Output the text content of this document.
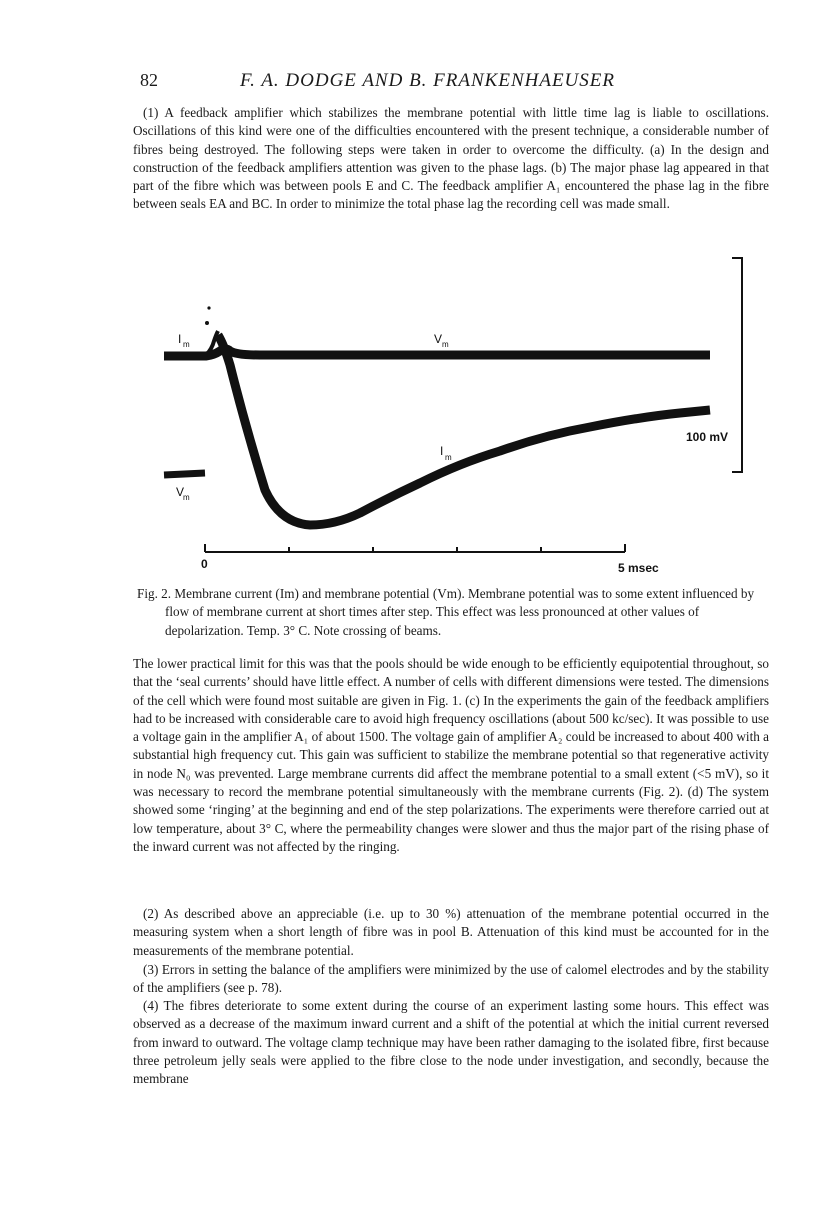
82	F. A. DODGE AND B. FRANKENHAEUSER

(1) A feedback amplifier which stabilizes the membrane potential with little time lag is liable to oscillations. Oscillations of this kind were one of the difficulties encountered with the present technique, a considerable number of fibres being destroyed. The following steps were taken in order to overcome the difficulty. (a) In the design and construction of the feedback amplifiers attention was given to the phase lags. (b) The major phase lag appeared in that part of the fibre which was between pools E and C. The feedback amplifier A₁ encountered the phase lag in the fibre between seals EA and BC. In order to minimize the total phase lag the recording cell was made small.

I m	V m
I m
V
m
100 mV
0	5 msec
Fig. 2. Membrane current (Im) and membrane potential (Vm). Membrane potential was to some extent influenced by flow of membrane current at short times after step. This effect was less pronounced at other values of depolarization. Temp. 3° C. Note crossing of beams.

The lower practical limit for this was that the pools should be wide enough to be efficiently equipotential throughout, so that the ‘seal currents’ should have little effect. A number of cells with different dimensions were tested. The dimensions of the cell which were found most suitable are given in Fig. 1. (c) In the experiments the gain of the feedback amplifiers had to be increased with considerable care to avoid high frequency oscillations (about 500 kc/sec). It was possible to use a voltage gain in the amplifier A₁ of about 1500. The voltage gain of amplifier A₂ could be increased to about 400 with a substantial high frequency cut. This gain was sufficient to stabilize the membrane potential so that regenerative activity in node N₀ was prevented. Large membrane currents did affect the membrane potential to a small extent (<5 mV), so it was necessary to record the membrane potential simultaneously with the membrane currents (Fig. 2). (d) The system showed some ‘ringing’ at the beginning and end of the step polarizations. The experiments were therefore carried out at low temperature, about 3° C, where the permeability changes were slower and thus the major part of the rising phase of the inward current was not affected by the ringing.

(2) As described above an appreciable (i.e. up to 30 %) attenuation of the membrane potential occurred in the measuring system when a short length of fibre was in pool B. Attenuation of this kind must be accounted for in the measurements of the membrane potential.

(3) Errors in setting the balance of the amplifiers were minimized by the use of calomel electrodes and by the stability of the amplifiers (see p. 78).

(4) The fibres deteriorate to some extent during the course of an experiment lasting some hours. This effect was observed as a decrease of the maximum inward current and a shift of the potential at which the initial current reversed from inward to outward. The voltage clamp technique may have been rather damaging to the isolated fibre, first because three petroleum jelly seals were applied to the fibre close to the node under investigation, and secondly, because the membrane
